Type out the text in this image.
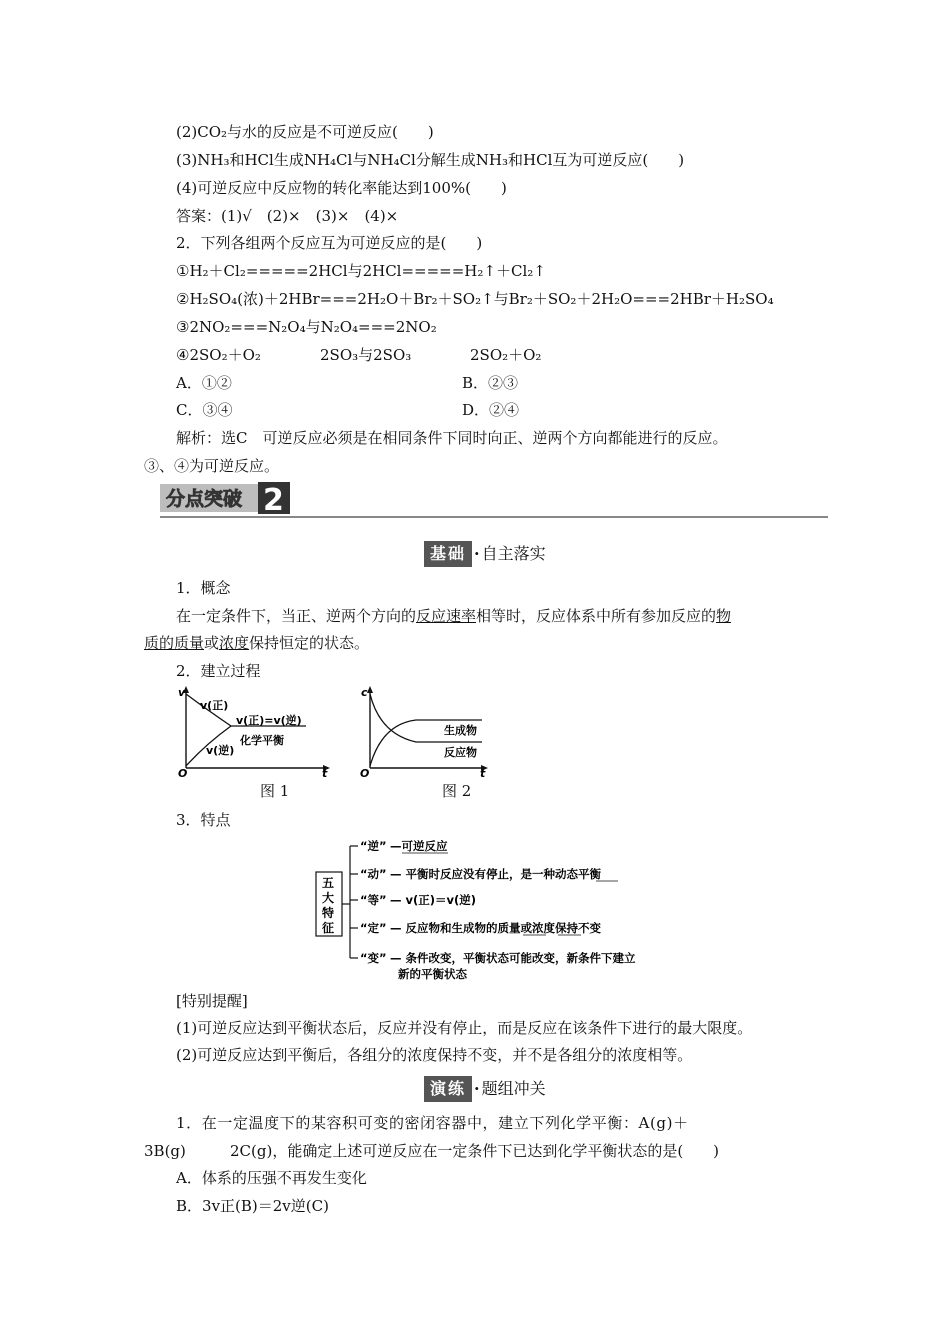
(2)CO₂与水的反应是不可逆反应(　　)
(3)NH₃和HCl生成NH₄Cl与NH₄Cl分解生成NH₃和HCl互为可逆反应(　　)
(4)可逆反应中反应物的转化率能达到100%(　　)
答案：(1)√　(2)×　(3)×　(4)×
2．下列各组两个反应互为可逆反应的是(　　)
①H₂＋Cl₂=====2HCl与2HCl=====H₂↑＋Cl₂↑
②H₂SO₄(浓)＋2HBr===2H₂O＋Br₂＋SO₂↑与Br₂＋SO₂＋2H₂O===2HBr＋H₂SO₄
③2NO₂===N₂O₄与N₂O₄===2NO₂
④2SO₂＋O₂	2SO₃与2SO₃	2SO₂＋O₂
A．①②	B．②③
C．③④	D．②④
解析：选C　可逆反应必须是在相同条件下同时向正、逆两个方向都能进行的反应。
③、④为可逆反应。
分点突破 2
基础 · 自主落实
1．概念
在一定条件下，当正、逆两个方向的反应速率相等时，反应体系中所有参加反应的物
质的质量或浓度保持恒定的状态。
2．建立过程
v
t
O
v(正)
v(逆)
v(正)=v(逆)
化学平衡
图 1
c
t
O
生成物
反应物
图 2
3．特点
五
大
特
征
“逆” —可逆反应
“动” — 平衡时反应没有停止，是一种动态平衡
“等” — v(正)＝v(逆)
“定” — 反应物和生成物的质量或浓度保持不变
“变” — 条件改变，平衡状态可能改变，新条件下建立
新的平衡状态
[特别提醒]
(1)可逆反应达到平衡状态后，反应并没有停止，而是反应在该条件下进行的最大限度。
(2)可逆反应达到平衡后，各组分的浓度保持不变，并不是各组分的浓度相等。
演练 · 题组冲关
1．在一定温度下的某容积可变的密闭容器中，建立下列化学平衡：A(g)＋
3B(g)	2C(g)，能确定上述可逆反应在一定条件下已达到化学平衡状态的是(　　)
A．体系的压强不再发生变化
B．3v正(B)＝2v逆(C)
